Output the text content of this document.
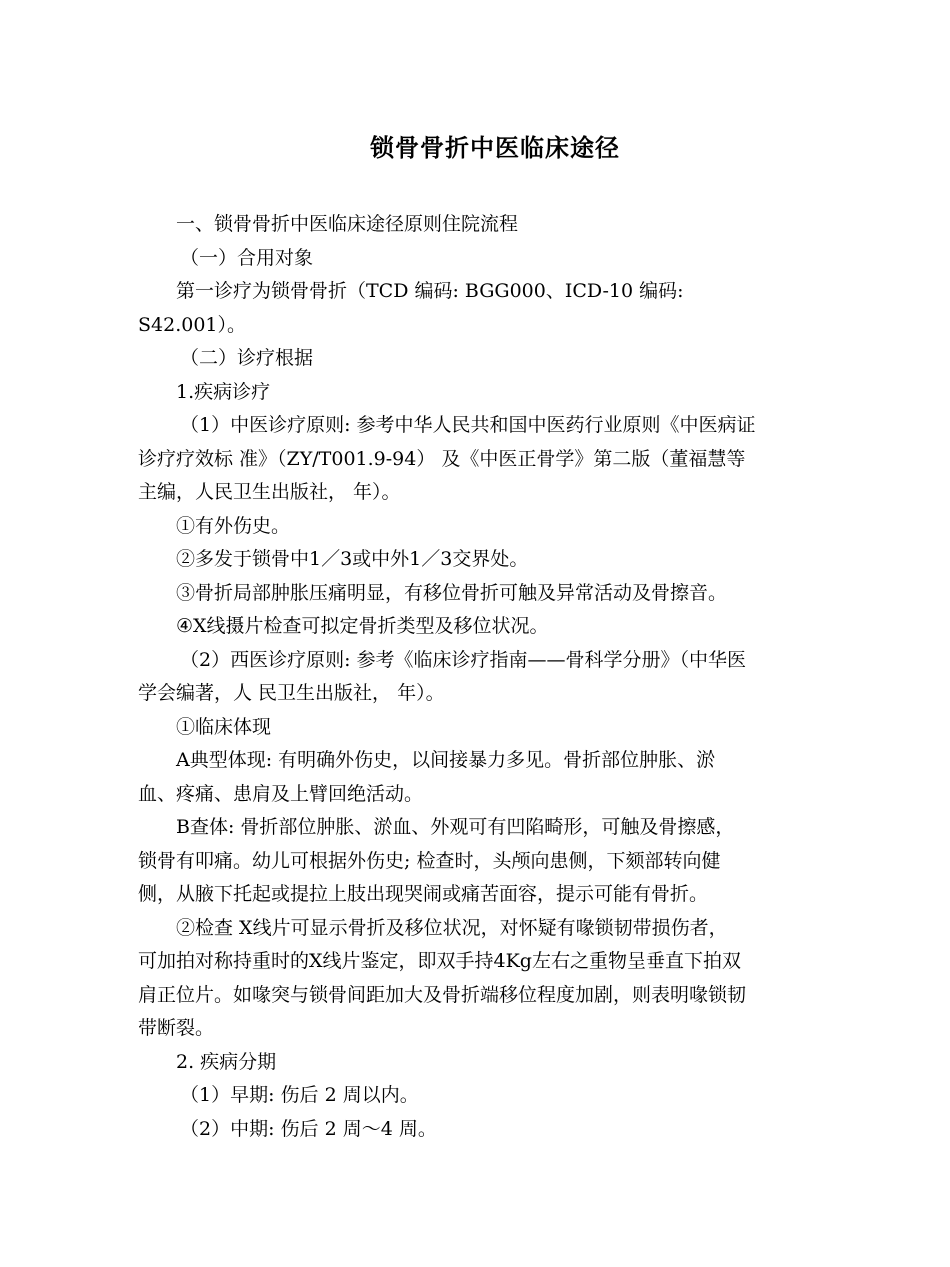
锁骨骨折中医临床途径

一、锁骨骨折中医临床途径原则住院流程

（一）合用对象

第一诊疗为锁骨骨折（TCD 编码: BGG000、ICD-10 编码:

S42.001）。

（二）诊疗根据

1.疾病诊疗

（1）中医诊疗原则: 参考中华人民共和国中医药行业原则《中医病证

诊疗疗效标 准》（ZY/T001.9-94） 及《中医正骨学》第二版（董福慧等

主编，人民卫生出版社， 年）。

①有外伤史。

②多发于锁骨中1／3或中外1／3交界处。

③骨折局部肿胀压痛明显，有移位骨折可触及异常活动及骨擦音。

④X线摄片检查可拟定骨折类型及移位状况。

（2）西医诊疗原则: 参考《临床诊疗指南——骨科学分册》（中华医

学会编著，人 民卫生出版社， 年）。

①临床体现

A典型体现: 有明确外伤史，以间接暴力多见。骨折部位肿胀、淤

血、疼痛、患肩及上臂回绝活动。

B查体: 骨折部位肿胀、淤血、外观可有凹陷畸形，可触及骨擦感，

锁骨有叩痛。幼儿可根据外伤史; 检查时，头颅向患侧，下颏部转向健

侧，从腋下托起或提拉上肢出现哭闹或痛苦面容，提示可能有骨折。

②检查 X线片可显示骨折及移位状况，对怀疑有喙锁韧带损伤者，

可加拍对称持重时的X线片鉴定，即双手持4Kg左右之重物呈垂直下拍双

肩正位片。如喙突与锁骨间距加大及骨折端移位程度加剧，则表明喙锁韧

带断裂。

2. 疾病分期

（1）早期: 伤后 2 周以内。

（2）中期: 伤后 2 周～4 周。
